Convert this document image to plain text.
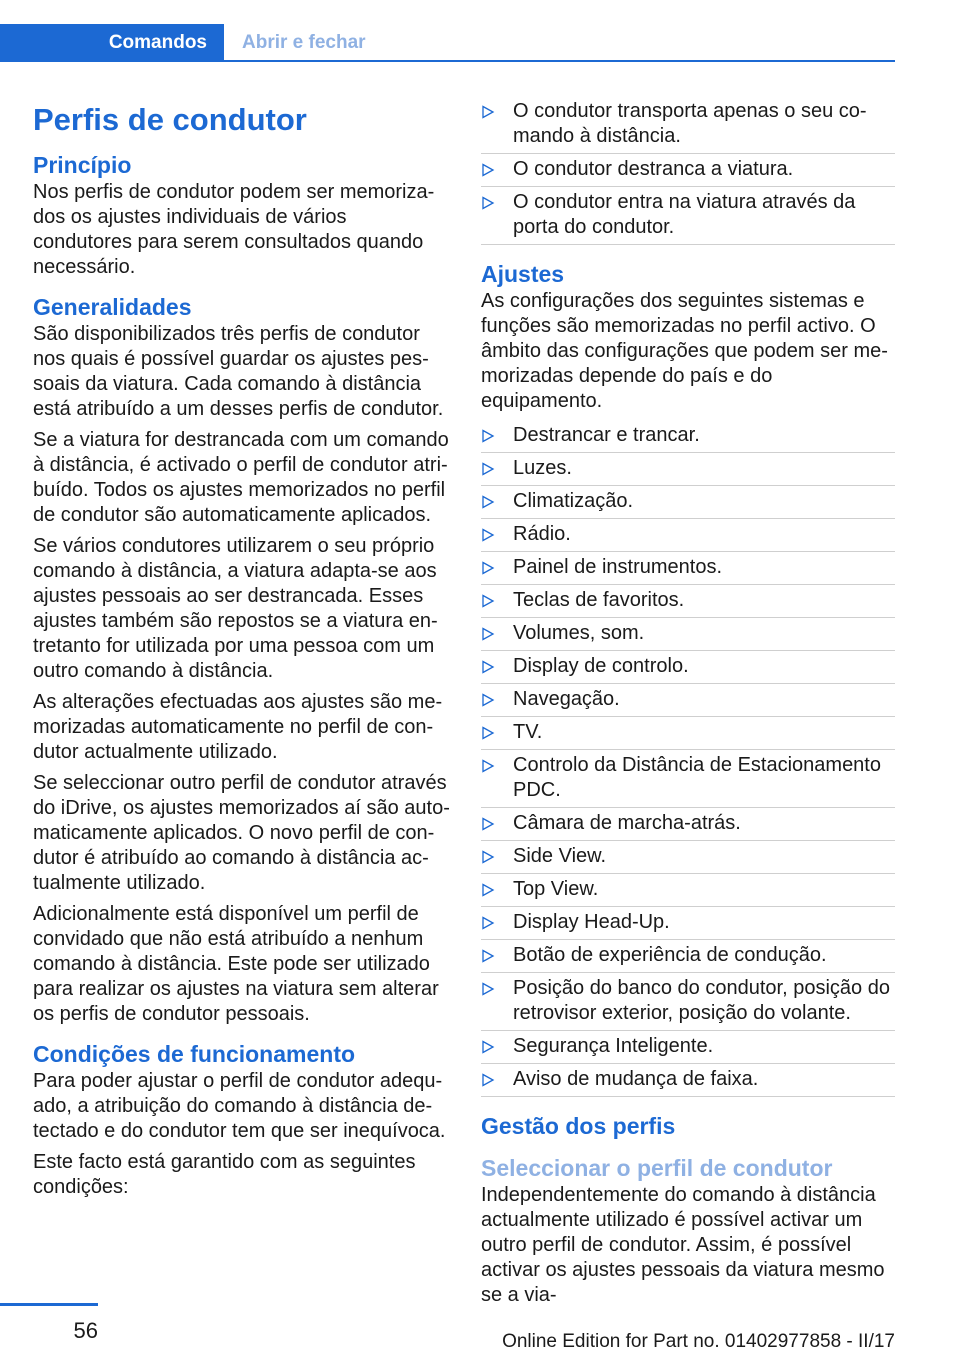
Comandos	Abrir e fechar
Perfis de condutor
Princípio

Nos perfis de condutor podem ser memorizados os ajustes individuais de vários condutores para serem consultados quando necessário.

Generalidades

São disponibilizados três perfis de condutor nos quais é possível guardar os ajustes pessoais da viatura. Cada comando à distância está atribuído a um desses perfis de condutor.

Se a viatura for destrancada com um comando à distância, é activado o perfil de condutor atribuído. Todos os ajustes memorizados no perfil de condutor são automaticamente aplicados.

Se vários condutores utilizarem o seu próprio comando à distância, a viatura adapta-se aos ajustes pessoais ao ser destrancada. Esses ajustes também são repostos se a viatura entretanto for utilizada por uma pessoa com um outro comando à distância.

As alterações efectuadas aos ajustes são memorizadas automaticamente no perfil de condutor actualmente utilizado.

Se seleccionar outro perfil de condutor através do iDrive, os ajustes memorizados aí são automaticamente aplicados. O novo perfil de condutor é atribuído ao comando à distância actualmente utilizado.

Adicionalmente está disponível um perfil de convidado que não está atribuído a nenhum comando à distância. Este pode ser utilizado para realizar os ajustes na viatura sem alterar os perfis de condutor pessoais.

Condições de funcionamento

Para poder ajustar o perfil de condutor adequado, a atribuição do comando à distância detectado e do condutor tem que ser inequívoca.

Este facto está garantido com as seguintes condições:

O condutor transporta apenas o seu comando à distância.
O condutor destranca a viatura.
O condutor entra na viatura através da porta do condutor.
Ajustes

As configurações dos seguintes sistemas e funções são memorizadas no perfil activo. O âmbito das configurações que podem ser memorizadas depende do país e do equipamento.

Destrancar e trancar.
Luzes.
Climatização.
Rádio.
Painel de instrumentos.
Teclas de favoritos.
Volumes, som.
Display de controlo.
Navegação.
TV.
Controlo da Distância de Estacionamento PDC.
Câmara de marcha-atrás.
Side View.
Top View.
Display Head-Up.
Botão de experiência de condução.
Posição do banco do condutor, posição do retrovisor exterior, posição do volante.
Segurança Inteligente.
Aviso de mudança de faixa.
Gestão dos perfis
Seleccionar o perfil de condutor

Independentemente do comando à distância actualmente utilizado é possível activar um outro perfil de condutor. Assim, é possível activar os ajustes pessoais da viatura mesmo se a via-

56	Online Edition for Part no. 01402977858 - II/17
